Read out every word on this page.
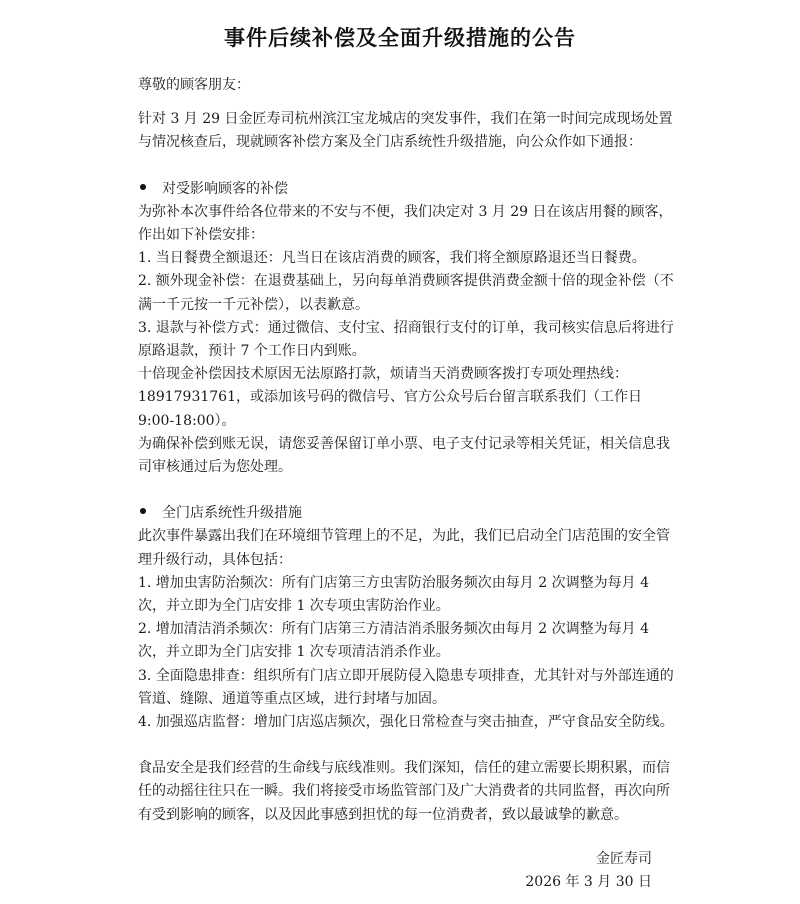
事件后续补偿及全面升级措施的公告

尊敬的顾客朋友：

针对 3 月 29 日金匠寿司杭州滨江宝龙城店的突发事件，我们在第一时间完成现场处置与情况核查后，现就顾客补偿方案及全门店系统性升级措施，向公众作如下通报：

对受影响顾客的补偿

为弥补本次事件给各位带来的不安与不便，我们决定对 3 月 29 日在该店用餐的顾客，作出如下补偿安排：

1. 当日餐费全额退还：凡当日在该店消费的顾客，我们将全额原路退还当日餐费。

2. 额外现金补偿：在退费基础上，另向每单消费顾客提供消费金额十倍的现金补偿（不满一千元按一千元补偿），以表歉意。

3. 退款与补偿方式：通过微信、支付宝、招商银行支付的订单，我司核实信息后将进行原路退款，预计 7 个工作日内到账。

十倍现金补偿因技术原因无法原路打款，烦请当天消费顾客拨打专项处理热线：18917931761，或添加该号码的微信号、官方公众号后台留言联系我们（工作日 9:00-18:00）。

为确保补偿到账无误，请您妥善保留订单小票、电子支付记录等相关凭证，相关信息我司审核通过后为您处理。

全门店系统性升级措施

此次事件暴露出我们在环境细节管理上的不足，为此，我们已启动全门店范围的安全管理升级行动，具体包括：

1. 增加虫害防治频次：所有门店第三方虫害防治服务频次由每月 2 次调整为每月 4 次，并立即为全门店安排 1 次专项虫害防治作业。

2. 增加清洁消杀频次：所有门店第三方清洁消杀服务频次由每月 2 次调整为每月 4 次，并立即为全门店安排 1 次专项清洁消杀作业。

3. 全面隐患排查：组织所有门店立即开展防侵入隐患专项排查，尤其针对与外部连通的管道、缝隙、通道等重点区域，进行封堵与加固。

4. 加强巡店监督：增加门店巡店频次，强化日常检查与突击抽查，严守食品安全防线。

食品安全是我们经营的生命线与底线准则。我们深知，信任的建立需要长期积累，而信任的动摇往往只在一瞬。我们将接受市场监管部门及广大消费者的共同监督，再次向所有受到影响的顾客，以及因此事感到担忧的每一位消费者，致以最诚挚的歉意。

金匠寿司
2026 年 3 月 30 日
